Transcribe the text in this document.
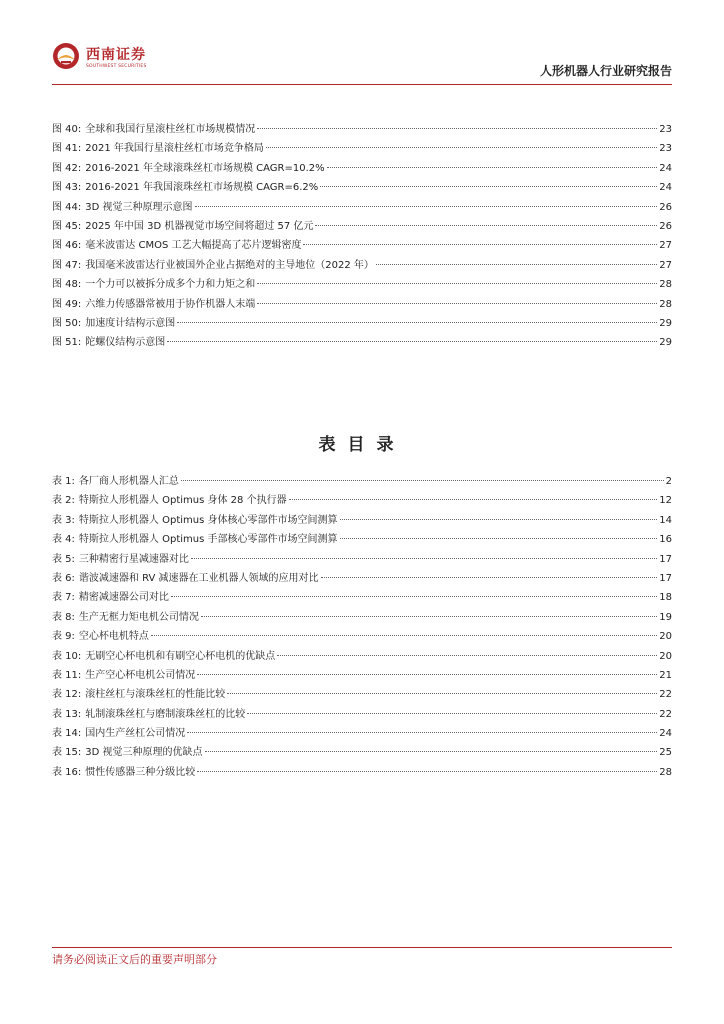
西南证券
SOUTHWEST SECURITIES	人形机器人行业研究报告
图 40: 全球和我国行星滚柱丝杠市场规模情况	23
图 41: 2021 年我国行星滚柱丝杠市场竞争格局	23
图 42: 2016-2021 年全球滚珠丝杠市场规模 CAGR=10.2%	24
图 43: 2016-2021 年我国滚珠丝杠市场规模 CAGR=6.2%	24
图 44: 3D 视觉三种原理示意图	26
图 45: 2025 年中国 3D 机器视觉市场空间将超过 57 亿元	26
图 46: 毫米波雷达 CMOS 工艺大幅提高了芯片逻辑密度	27
图 47: 我国毫米波雷达行业被国外企业占据绝对的主导地位（2022 年）	27
图 48: 一个力可以被拆分成多个力和力矩之和	28
图 49: 六维力传感器常被用于协作机器人末端	28
图 50: 加速度计结构示意图	29
图 51: 陀螺仪结构示意图	29
表目录
表 1: 各厂商人形机器人汇总	2
表 2: 特斯拉人形机器人 Optimus 身体 28 个执行器	12
表 3: 特斯拉人形机器人 Optimus 身体核心零部件市场空间测算	14
表 4: 特斯拉人形机器人 Optimus 手部核心零部件市场空间测算	16
表 5: 三种精密行星减速器对比	17
表 6: 谐波减速器和 RV 减速器在工业机器人领域的应用对比	17
表 7: 精密减速器公司对比	18
表 8: 生产无框力矩电机公司情况	19
表 9: 空心杯电机特点	20
表 10: 无刷空心杯电机和有刷空心杯电机的优缺点	20
表 11: 生产空心杯电机公司情况	21
表 12: 滚柱丝杠与滚珠丝杠的性能比较	22
表 13: 轧制滚珠丝杠与磨制滚珠丝杠的比较	22
表 14: 国内生产丝杠公司情况	24
表 15: 3D 视觉三种原理的优缺点	25
表 16: 惯性传感器三种分级比较	28
请务必阅读正文后的重要声明部分
